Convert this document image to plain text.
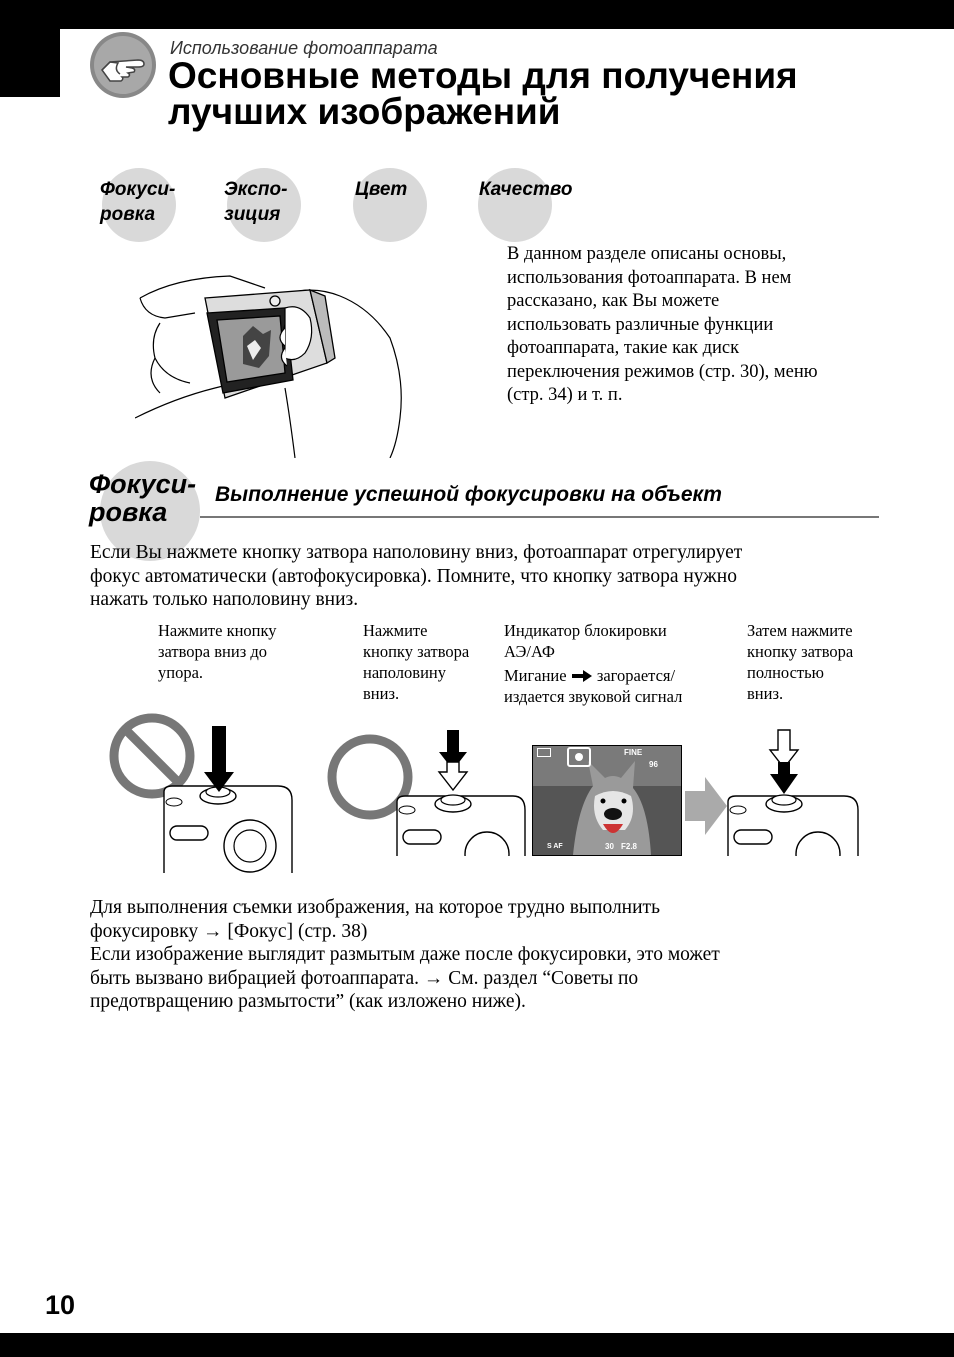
Использование фотоаппарата
Основные методы для получения
лучших изображений
Фокуси-
ровка
Экспо-
зиция
Цвет	Качество
В данном разделе описаны основы,
использования фотоаппарата. В нем
рассказано, как Вы можете
использовать различные функции
фотоаппарата, такие как диск
переключения режимов (стр. 30), меню
(стр. 34) и т. п.
Фокуси-
ровка
Выполнение успешной фокусировки на объект
Если Вы нажмете кнопку затвора наполовину вниз, фотоаппарат отрегулирует
фокус автоматически (автофокусировка). Помните, что кнопку затвора нужно
нажать только наполовину вниз.
Нажмите кнопку
затвора вниз до
упора.
Нажмите
кнопку затвора
наполовину
вниз.
Индикатор блокировки
АЭ/АФ
Мигание загорается/
издается звуковой сигнал
Затем нажмите
кнопку затвора
полностью
вниз.
FINE
96
S AF	30 F2.8
Для выполнения съемки изображения, на которое трудно выполнить
фокусировку → [Фокус] (стр. 38)
Если изображение выглядит размытым даже после фокусировки, это может
быть вызвано вибрацией фотоаппарата. → См. раздел “Советы по
предотвращению размытости” (как изложено ниже).
10
